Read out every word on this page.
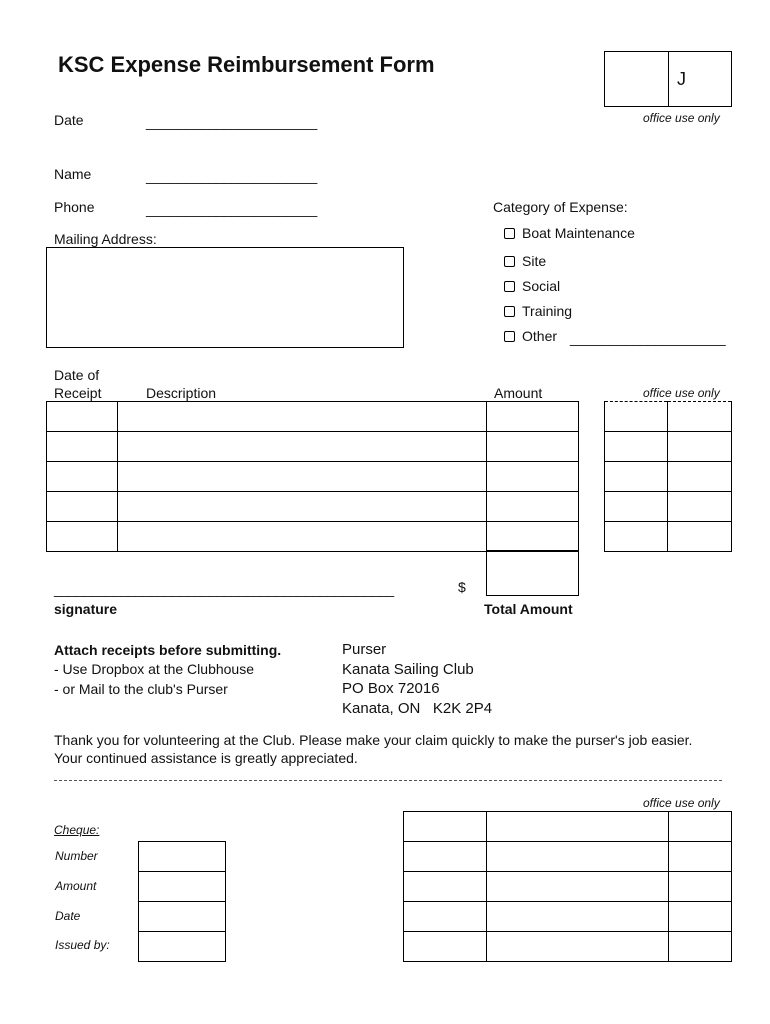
KSC Expense Reimbursement Form
J
office use only
Date	______________________
Name	______________________
Phone	______________________
Mailing Address:
Category of Expense:
Boat Maintenance
Site
Social
Training
Other ____________________
Date of
Receipt	Description	Amount	office use only

______________________________________________	$
signature	Total Amount
Attach receipts before submitting.
- Use Dropbox at the Clubhouse
- or Mail to the club's Purser
Purser
Kanata Sailing Club
PO Box 72016
Kanata, ON   K2K 2P4
Thank you for volunteering at the Club. Please make your claim quickly to make the purser's job easier.
Your continued assistance is greatly appreciated.
office use only
Cheque:
Number
Amount
Date
Issued by:
